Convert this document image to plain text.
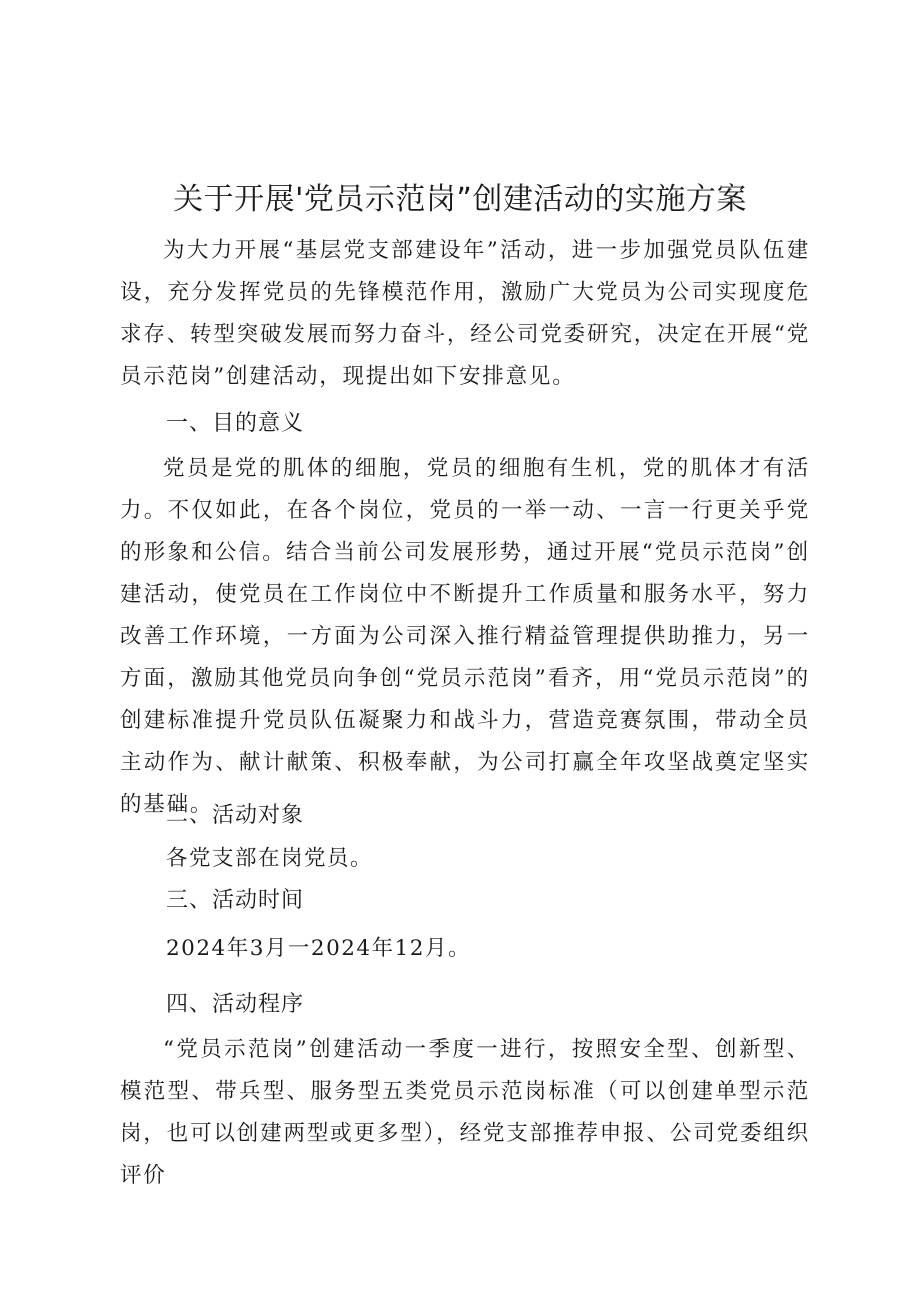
关于开展'党员示范岗”创建活动的实施方案

为大力开展“基层党支部建设年”活动，进一步加强党员队伍建设，充分发挥党员的先锋模范作用，激励广大党员为公司实现度危求存、转型突破发展而努力奋斗，经公司党委研究，决定在开展“党员示范岗”创建活动，现提出如下安排意见。

一、目的意义

党员是党的肌体的细胞，党员的细胞有生机，党的肌体才有活力。不仅如此，在各个岗位，党员的一举一动、一言一行更关乎党的形象和公信。结合当前公司发展形势，通过开展“党员示范岗”创建活动，使党员在工作岗位中不断提升工作质量和服务水平，努力改善工作环境，一方面为公司深入推行精益管理提供助推力，另一方面，激励其他党员向争创“党员示范岗”看齐，用“党员示范岗”的创建标准提升党员队伍凝聚力和战斗力，营造竞赛氛围，带动全员主动作为、献计献策、积极奉献，为公司打赢全年攻坚战奠定坚实的基础。

二、活动对象
各党支部在岗党员。
三、活动时间
2024年3月一2024年12月。
四、活动程序

“党员示范岗”创建活动一季度一进行，按照安全型、创新型、模范型、带兵型、服务型五类党员示范岗标准（可以创建单型示范岗，也可以创建两型或更多型），经党支部推荐申报、公司党委组织评价
